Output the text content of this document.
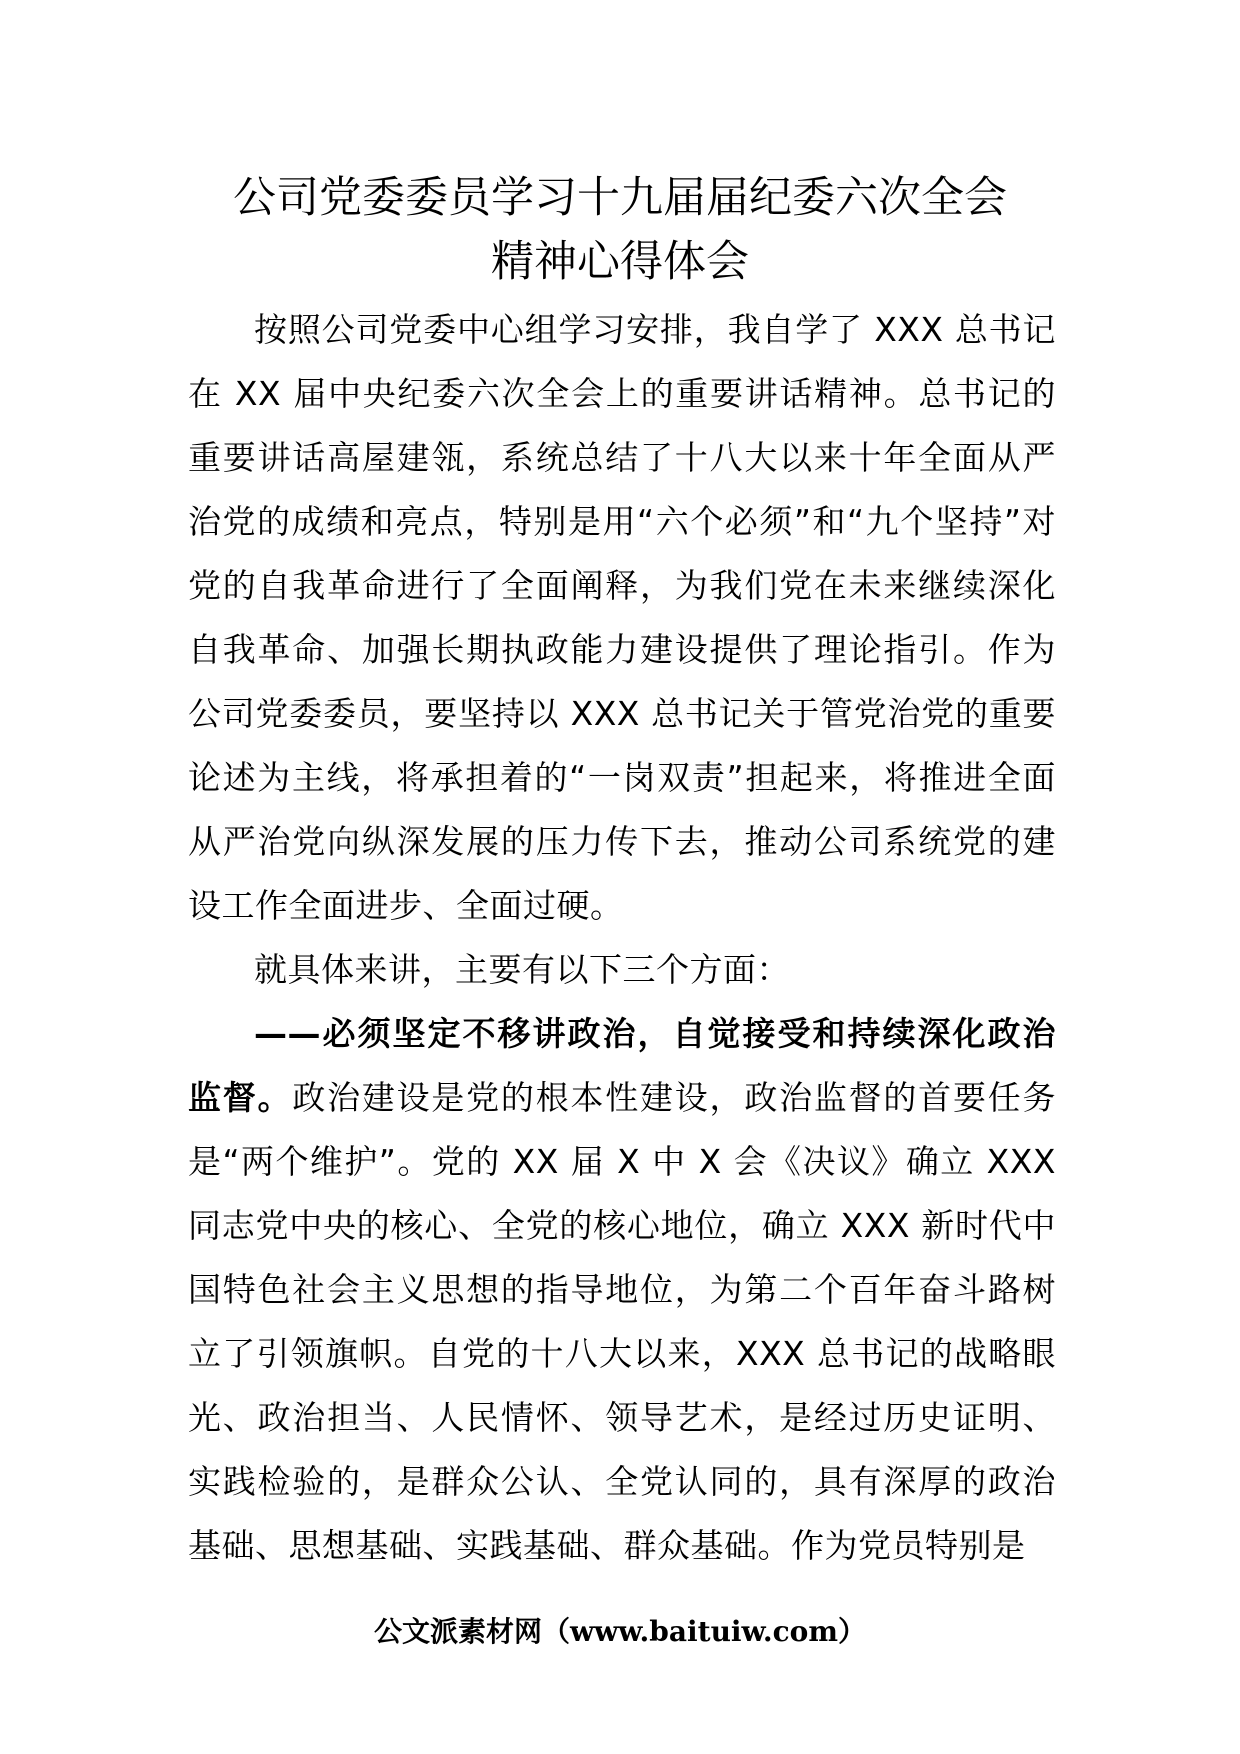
公司党委委员学习十九届届纪委六次全会
精神心得体会

按照公司党委中心组学习安排，我自学了 XXX 总书记在 XX 届中央纪委六次全会上的重要讲话精神。总书记的重要讲话高屋建瓴，系统总结了十八大以来十年全面从严治党的成绩和亮点，特别是用“六个必须”和“九个坚持”对党的自我革命进行了全面阐释，为我们党在未来继续深化自我革命、加强长期执政能力建设提供了理论指引。作为公司党委委员，要坚持以 XXX 总书记关于管党治党的重要论述为主线，将承担着的“一岗双责”担起来，将推进全面从严治党向纵深发展的压力传下去，推动公司系统党的建设工作全面进步、全面过硬。

就具体来讲，主要有以下三个方面：

——必须坚定不移讲政治，自觉接受和持续深化政治监督。政治建设是党的根本性建设，政治监督的首要任务是“两个维护”。党的 XX 届 X 中 X 会《决议》确立 XXX 同志党中央的核心、全党的核心地位，确立 XXX 新时代中国特色社会主义思想的指导地位，为第二个百年奋斗路树立了引领旗帜。自党的十八大以来，XXX 总书记的战略眼光、政治担当、人民情怀、领导艺术，是经过历史证明、实践检验的，是群众公认、全党认同的，具有深厚的政治基础、思想基础、实践基础、群众基础。作为党员特别是

公文派素材网（www.baituiw.com）
